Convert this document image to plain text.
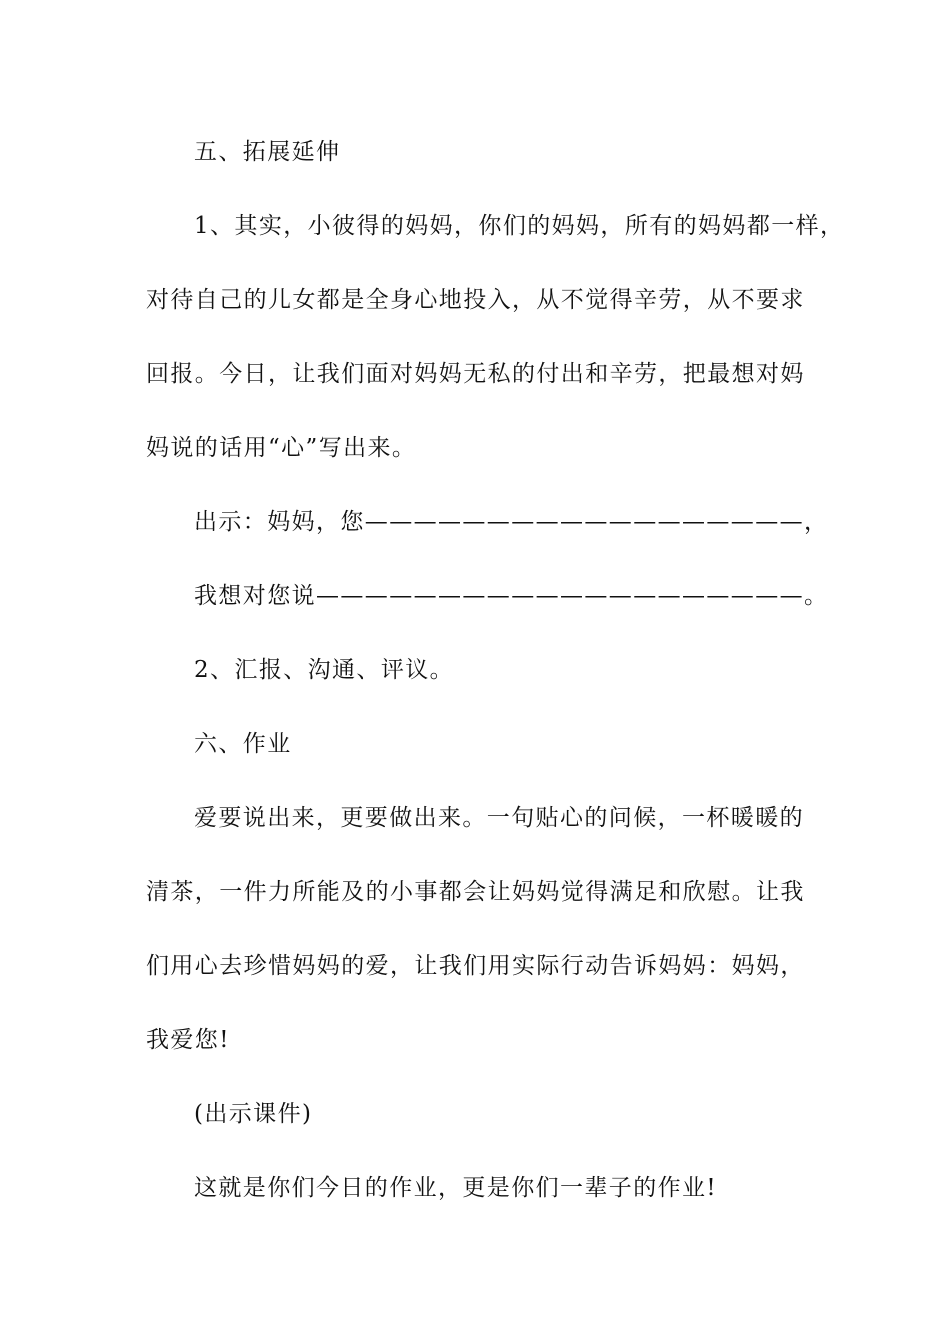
五、拓展延伸
1、其实，小彼得的妈妈，你们的妈妈，所有的妈妈都一样，
对待自己的儿女都是全身心地投入，从不觉得辛劳，从不要求
回报。今日，让我们面对妈妈无私的付出和辛劳，把最想对妈
妈说的话用“心”写出来。
出示：妈妈，您——————————————————，
我想对您说————————————————————。
2、汇报、沟通、评议。
六、作业
爱要说出来，更要做出来。一句贴心的问候，一杯暖暖的
清茶，一件力所能及的小事都会让妈妈觉得满足和欣慰。让我
们用心去珍惜妈妈的爱，让我们用实际行动告诉妈妈：妈妈，
我爱您!
(出示课件)
这就是你们今日的作业，更是你们一辈子的作业!
